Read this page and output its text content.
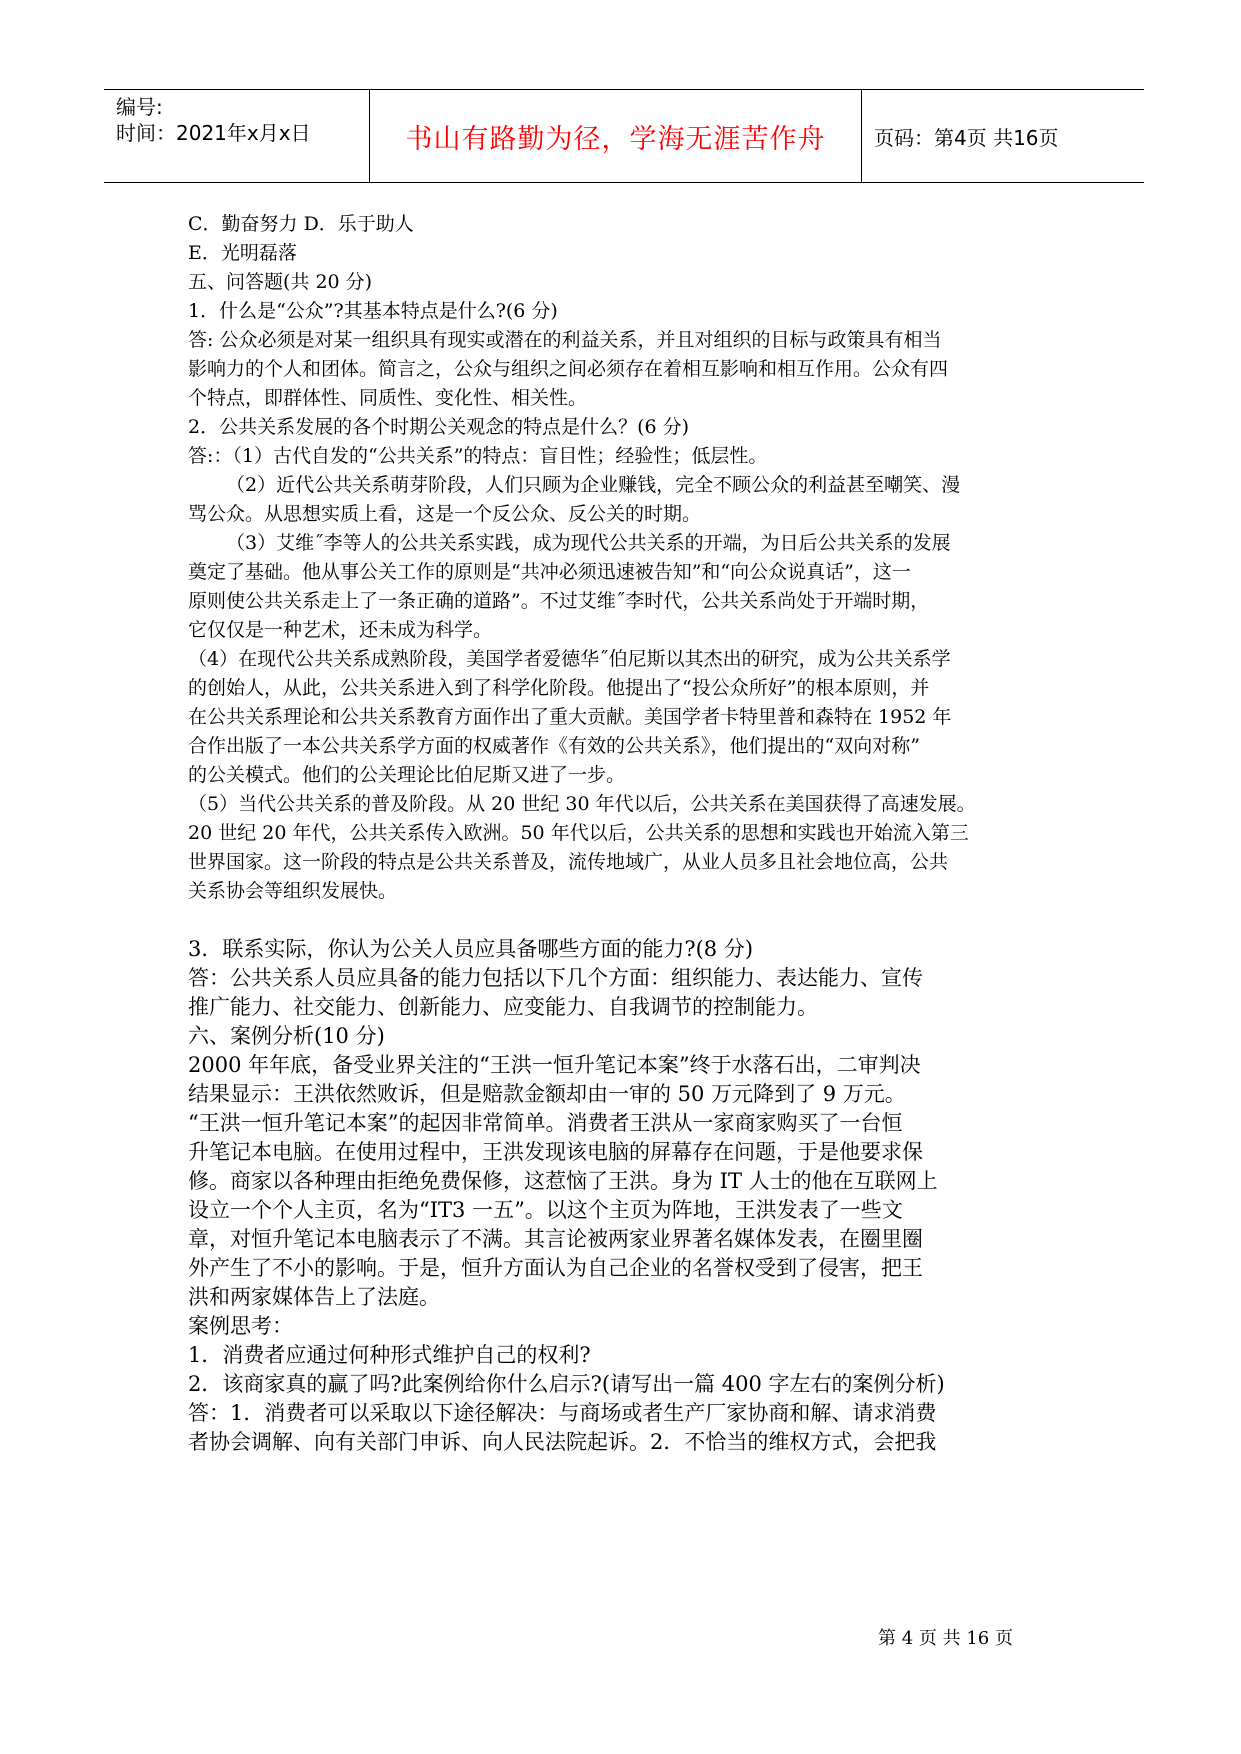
编号:
时间：2021年x月x日	书山有路勤为径，学海无涯苦作舟	页码：第4页 共16页

C．勤奋努力 D．乐于助人

E．光明磊落

五、问答题(共 20 分)

1．什么是“公众”?其基本特点是什么?(6 分)

答: 公众必须是对某一组织具有现实或潜在的利益关系，并且对组织的目标与政策具有相当

影响力的个人和团体。简言之，公众与组织之间必须存在着相互影响和相互作用。公众有四

个特点，即群体性、同质性、变化性、相关性。

2．公共关系发展的各个时期公关观念的特点是什么？(6 分)

答:：（1）古代自发的“公共关系”的特点：盲目性；经验性；低层性。

（2）近代公共关系萌芽阶段，人们只顾为企业赚钱，完全不顾公众的利益甚至嘲笑、漫

骂公众。从思想实质上看，这是一个反公众、反公关的时期。

（3）艾维˝李等人的公共关系实践，成为现代公共关系的开端，为日后公共关系的发展

奠定了基础。他从事公关工作的原则是“共冲必须迅速被告知”和“向公众说真话”，这一

原则使公共关系走上了一条正确的道路”。不过艾维˝李时代，公共关系尚处于开端时期，

它仅仅是一种艺术，还未成为科学。

（4）在现代公共关系成熟阶段，美国学者爱德华˝伯尼斯以其杰出的研究，成为公共关系学

的创始人，从此，公共关系进入到了科学化阶段。他提出了“投公众所好”的根本原则，并

在公共关系理论和公共关系教育方面作出了重大贡献。美国学者卡特里普和森特在 1952 年

合作出版了一本公共关系学方面的权威著作《有效的公共关系》，他们提出的“双向对称”

的公关模式。他们的公关理论比伯尼斯又进了一步。

（5）当代公共关系的普及阶段。从 20 世纪 30 年代以后，公共关系在美国获得了高速发展。

20 世纪 20 年代，公共关系传入欧洲。50 年代以后，公共关系的思想和实践也开始流入第三

世界国家。这一阶段的特点是公共关系普及，流传地域广，从业人员多且社会地位高，公共

关系协会等组织发展快。

3．联系实际，你认为公关人员应具备哪些方面的能力?(8 分)

答：公共关系人员应具备的能力包括以下几个方面：组织能力、表达能力、宣传

推广能力、社交能力、创新能力、应变能力、自我调节的控制能力。

六、案例分析(10 分)

2000 年年底，备受业界关注的“王洪一恒升笔记本案”终于水落石出，二审判决

结果显示：王洪依然败诉，但是赔款金额却由一审的 50 万元降到了 9 万元。

“王洪一恒升笔记本案”的起因非常简单。消费者王洪从一家商家购买了一台恒

升笔记本电脑。在使用过程中，王洪发现该电脑的屏幕存在问题，于是他要求保

修。商家以各种理由拒绝免费保修，这惹恼了王洪。身为 IT 人士的他在互联网上

设立一个个人主页，名为“IT3 一五”。以这个主页为阵地，王洪发表了一些文

章，对恒升笔记本电脑表示了不满。其言论被两家业界著名媒体发表，在圈里圈

外产生了不小的影响。于是，恒升方面认为自己企业的名誉权受到了侵害，把王

洪和两家媒体告上了法庭。

案例思考：

1．消费者应通过何种形式维护自己的权利?

2．该商家真的赢了吗?此案例给你什么启示?(请写出一篇 400 字左右的案例分析)

答：1．消费者可以采取以下途径解决：与商场或者生产厂家协商和解、请求消费

者协会调解、向有关部门申诉、向人民法院起诉。2．不恰当的维权方式，会把我

第 4 页 共 16 页
